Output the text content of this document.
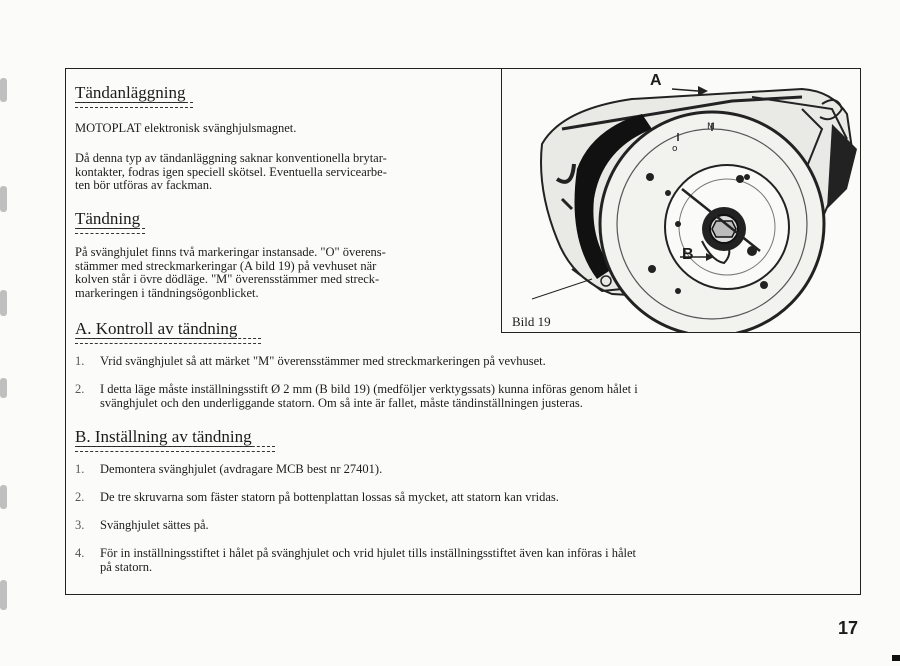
o
M
A
B
Bild 19
Tändanläggning
MOTOPLAT elektronisk svänghjulsmagnet.
Då denna typ av tändanläggning saknar konventionella brytar-
kontakter, fodras igen speciell skötsel. Eventuella servicearbe-
ten bör utföras av fackman.
Tändning
På svänghjulet finns två markeringar instansade. "O" överens-
stämmer med streckmarkeringar (A bild 19) på vevhuset när
kolven står i övre dödläge. "M" överensstämmer med streck-
markeringen i tändningsögonblicket.
A. Kontroll av tändning
1. Vrid svänghjulet så att märket "M" överensstämmer med streckmarkeringen på vevhuset.
2. I detta läge måste inställningsstift Ø 2 mm (B bild 19) (medföljer verktygssats) kunna införas genom hålet i
svänghjulet och den underliggande statorn. Om så inte är fallet, måste tändinställningen justeras.
B. Inställning av tändning
1. Demontera svänghjulet (avdragare MCB best nr 27401).
2. De tre skruvarna som fäster statorn på bottenplattan lossas så mycket, att statorn kan vridas.
3. Svänghjulet sättes på.
4. För in inställningsstiftet i hålet på svänghjulet och vrid hjulet tills inställningsstiftet även kan införas i hålet
på statorn.
17
